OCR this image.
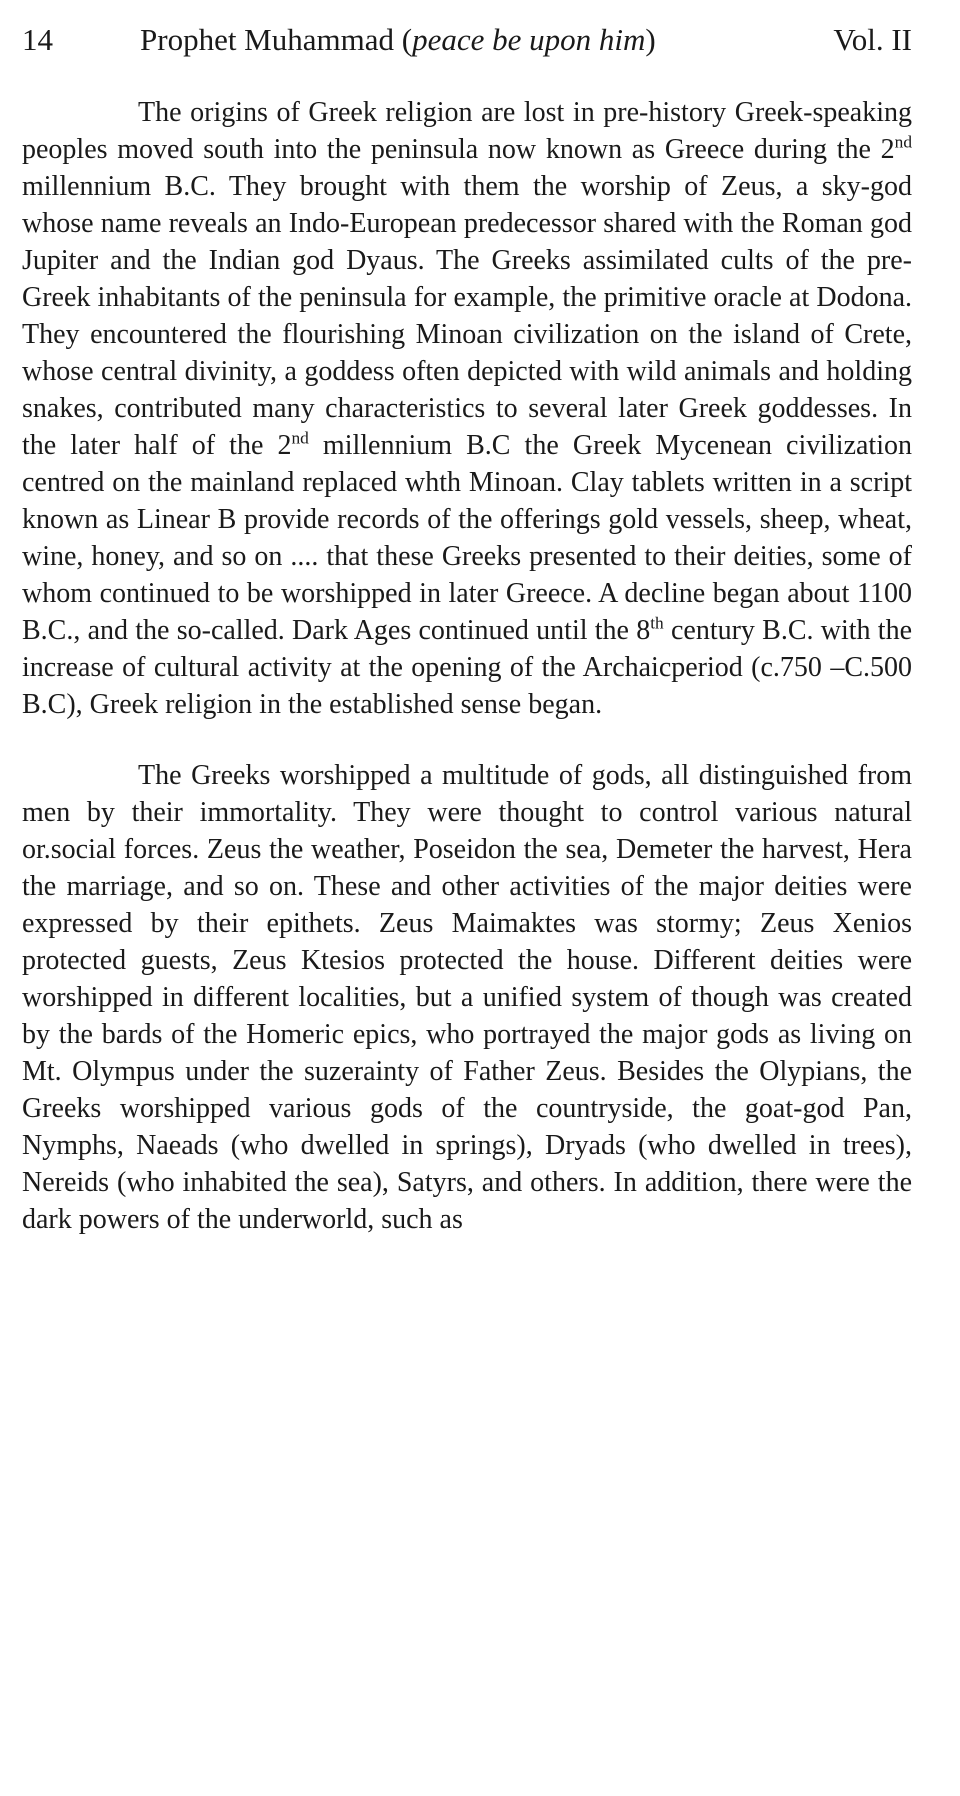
14	Prophet Muhammad (peace be upon him)	Vol. II

The origins of Greek religion are lost in pre-history Greek-speaking peoples moved south into the peninsula now known as Greece during the 2nd millennium B.C. They brought with them the worship of Zeus, a sky-god whose name reveals an Indo-European predecessor shared with the Roman god Jupiter and the Indian god Dyaus. The Greeks assimilated cults of the pre-Greek inhabitants of the peninsula for example, the primitive oracle at Dodona. They encountered the flourishing Minoan civilization on the island of Crete, whose central divinity, a goddess often depicted with wild animals and holding snakes, contributed many characteristics to several later Greek goddesses. In the later half of the 2nd millennium B.C the Greek Mycenean civilization centred on the mainland replaced whth Minoan. Clay tablets written in a script known as Linear B provide records of the offerings gold vessels, sheep, wheat, wine, honey, and so on .... that these Greeks presented to their deities, some of whom continued to be worshipped in later Greece. A decline began about 1100 B.C., and the so-called. Dark Ages continued until the 8th century B.C. with the increase of cultural activity at the opening of the Archaicperiod (c.750 –C.500 B.C), Greek religion in the established sense began.

The Greeks worshipped a multitude of gods, all distinguished from men by their immortality. They were thought to control various natural or.social forces. Zeus the weather, Poseidon the sea, Demeter the harvest, Hera the marriage, and so on. These and other activities of the major deities were expressed by their epithets. Zeus Maimaktes was stormy; Zeus Xenios protected guests, Zeus Ktesios protected the house. Different deities were worshipped in different localities, but a unified system of though was created by the bards of the Homeric epics, who portrayed the major gods as living on Mt. Olympus under the suzerainty of Father Zeus. Besides the Olypians, the Greeks worshipped various gods of the countryside, the goat-god Pan, Nymphs, Naeads (who dwelled in springs), Dryads (who dwelled in trees), Nereids (who inhabited the sea), Satyrs, and others. In addition, there were the dark powers of the underworld, such as
